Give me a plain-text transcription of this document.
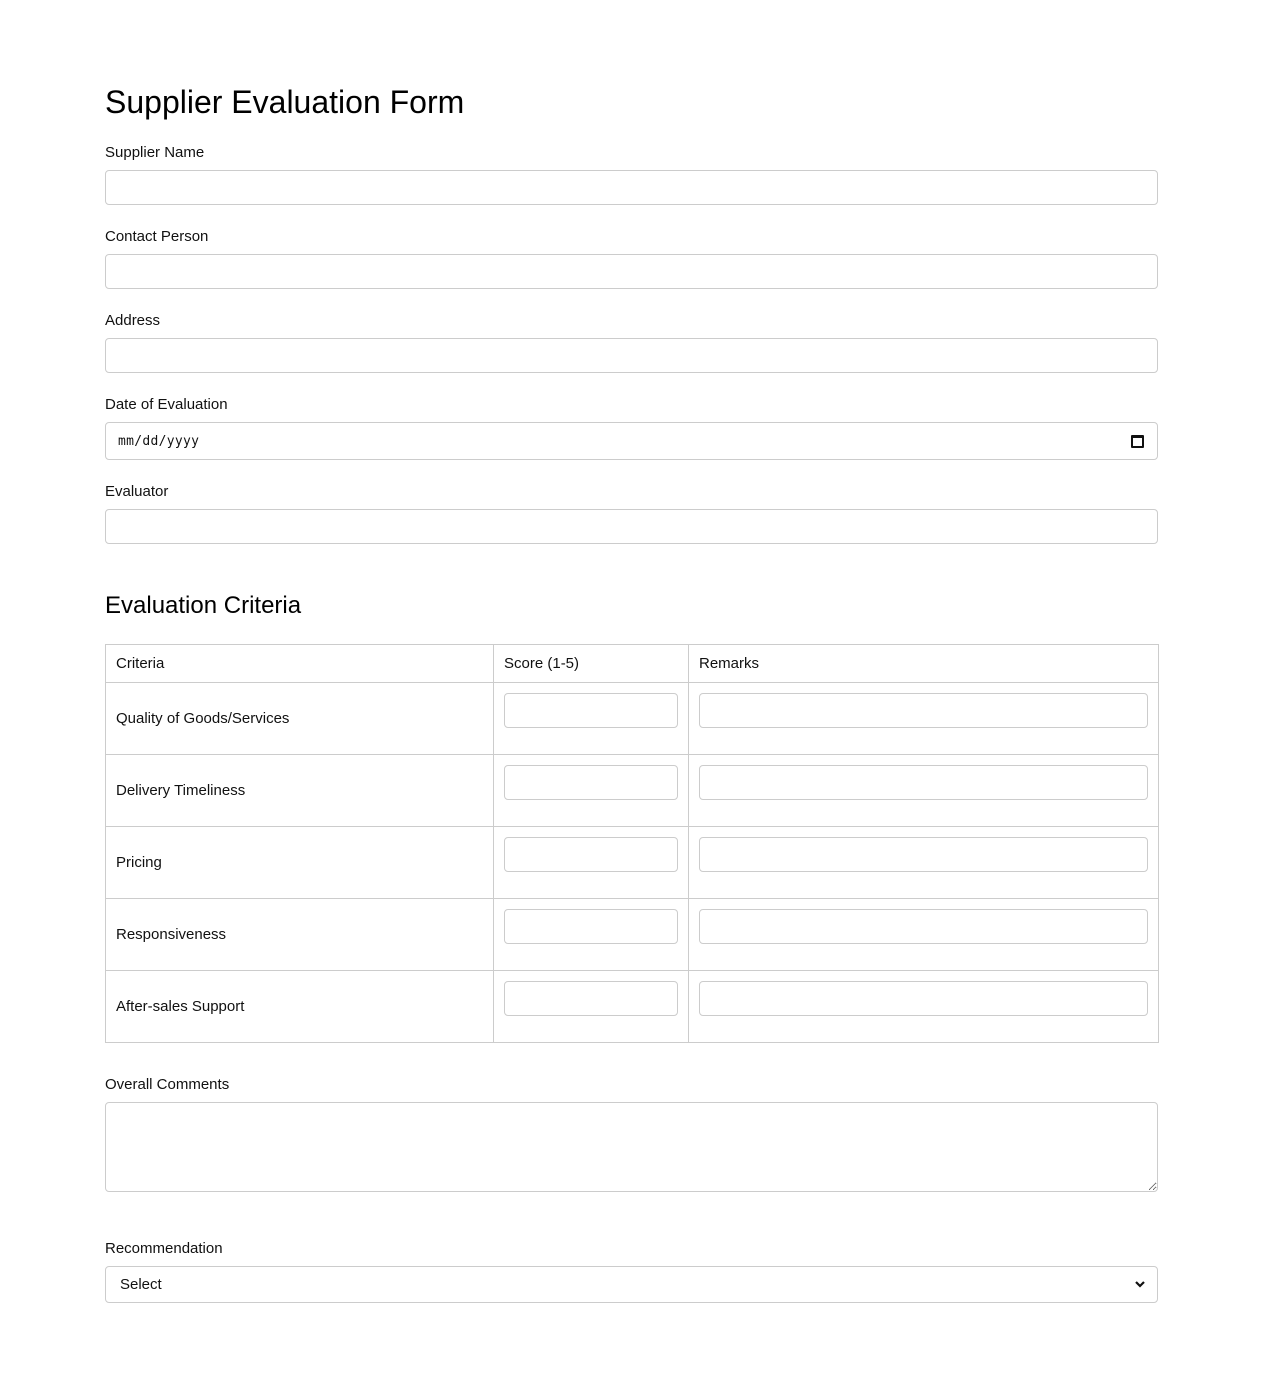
Supplier Evaluation Form
Supplier Name
Contact Person
Address
Date of Evaluation
mm/dd/yyyy
Evaluator
Evaluation Criteria
Criteria	Score (1-5)	Remarks
Quality of Goods/Services	

Delivery Timeliness	

Pricing	

Responsiveness	

After-sales Support	

Overall Comments
Recommendation
Select
